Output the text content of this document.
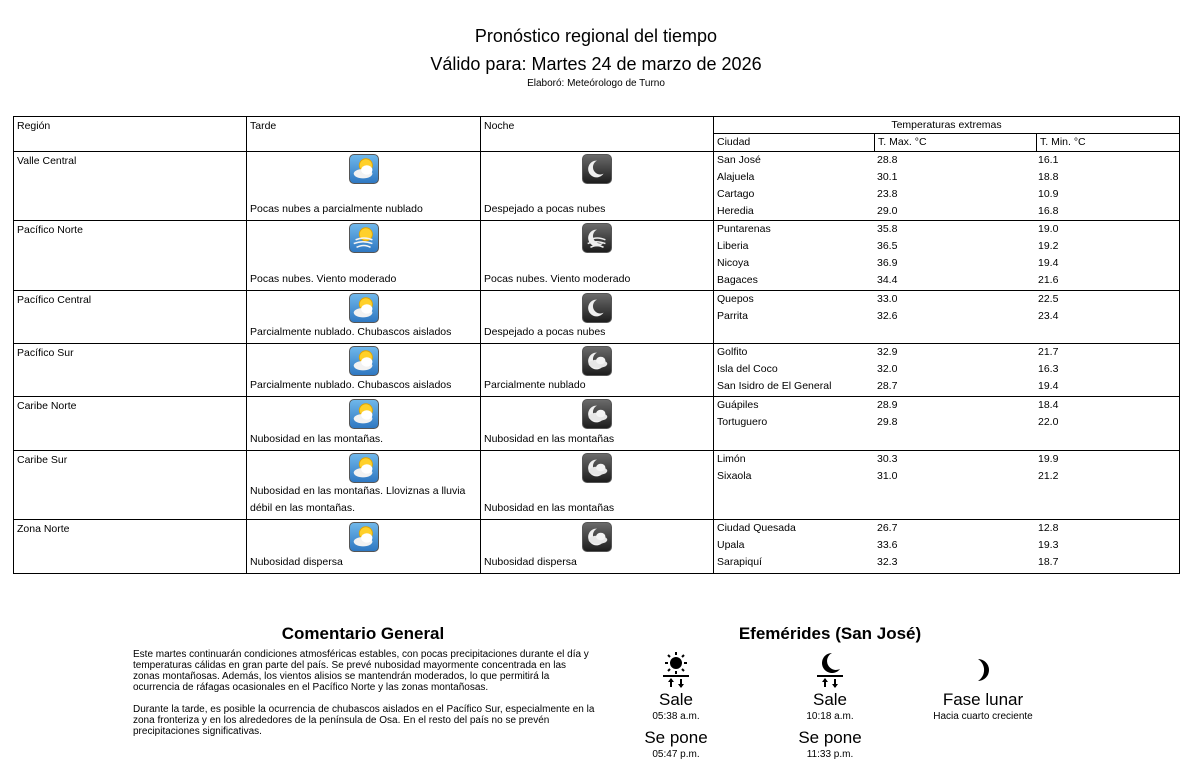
Pronóstico regional del tiempo
Válido para: Martes 24 de marzo de 2026
Elaboró: Meteórologo de Turno
Región	Tarde	Noche	Temperaturas extremas
Ciudad	T. Max. °C	T. Min. °C

Valle Central

Pocas nubes a parcialmente nublado	Despejado a pocas nubes

San José	28.8	16.1
Alajuela	30.1	18.8
Cartago	23.8	10.9
Heredia	29.0	16.8

Pacífico Norte

Pocas nubes. Viento moderado	Pocas nubes. Viento moderado

Puntarenas	35.8	19.0
Liberia	36.5	19.2
Nicoya	36.9	19.4
Bagaces	34.4	21.6

Pacífico Central

Parcialmente nublado. Chubascos aislados	Despejado a pocas nubes

Quepos	33.0	22.5
Parrita	32.6	23.4

Pacífico Sur

Parcialmente nublado. Chubascos aislados	Parcialmente nublado

Golfito	32.9	21.7
Isla del Coco	32.0	16.3
San Isidro de El General	28.7	19.4

Caribe Norte

Nubosidad en las montañas.	Nubosidad en las montañas

Guápiles	28.9	18.4
Tortuguero	29.8	22.0

Caribe Sur

Nubosidad en las montañas. Lloviznas a lluvia débil en las montañas.	Nubosidad en las montañas

Limón	30.3	19.9
Sixaola	31.0	21.2

Zona Norte

Nubosidad dispersa	Nubosidad dispersa

Ciudad Quesada	26.7	12.8
Upala	33.6	19.3
Sarapiquí	32.3	18.7
Comentario General

Este martes continuarán condiciones atmosféricas estables, con pocas precipitaciones durante el día y temperaturas cálidas en gran parte del país. Se prevé nubosidad mayormente concentrada en las zonas montañosas. Además, los vientos alisios se mantendrán moderados, lo que permitirá la ocurrencia de ráfagas ocasionales en el Pacífico Norte y las zonas montañosas.

Durante la tarde, es posible la ocurrencia de chubascos aislados en el Pacífico Sur, especialmente en la zona fronteriza y en los alrededores de la península de Osa. En el resto del país no se prevén precipitaciones significativas.

Efemérides (San José)
Sale
05:38 a.m.
Se pone
05:47 p.m.
Sale
10:18 a.m.
Se pone
11:33 p.m.
Fase lunar
Hacia cuarto creciente
